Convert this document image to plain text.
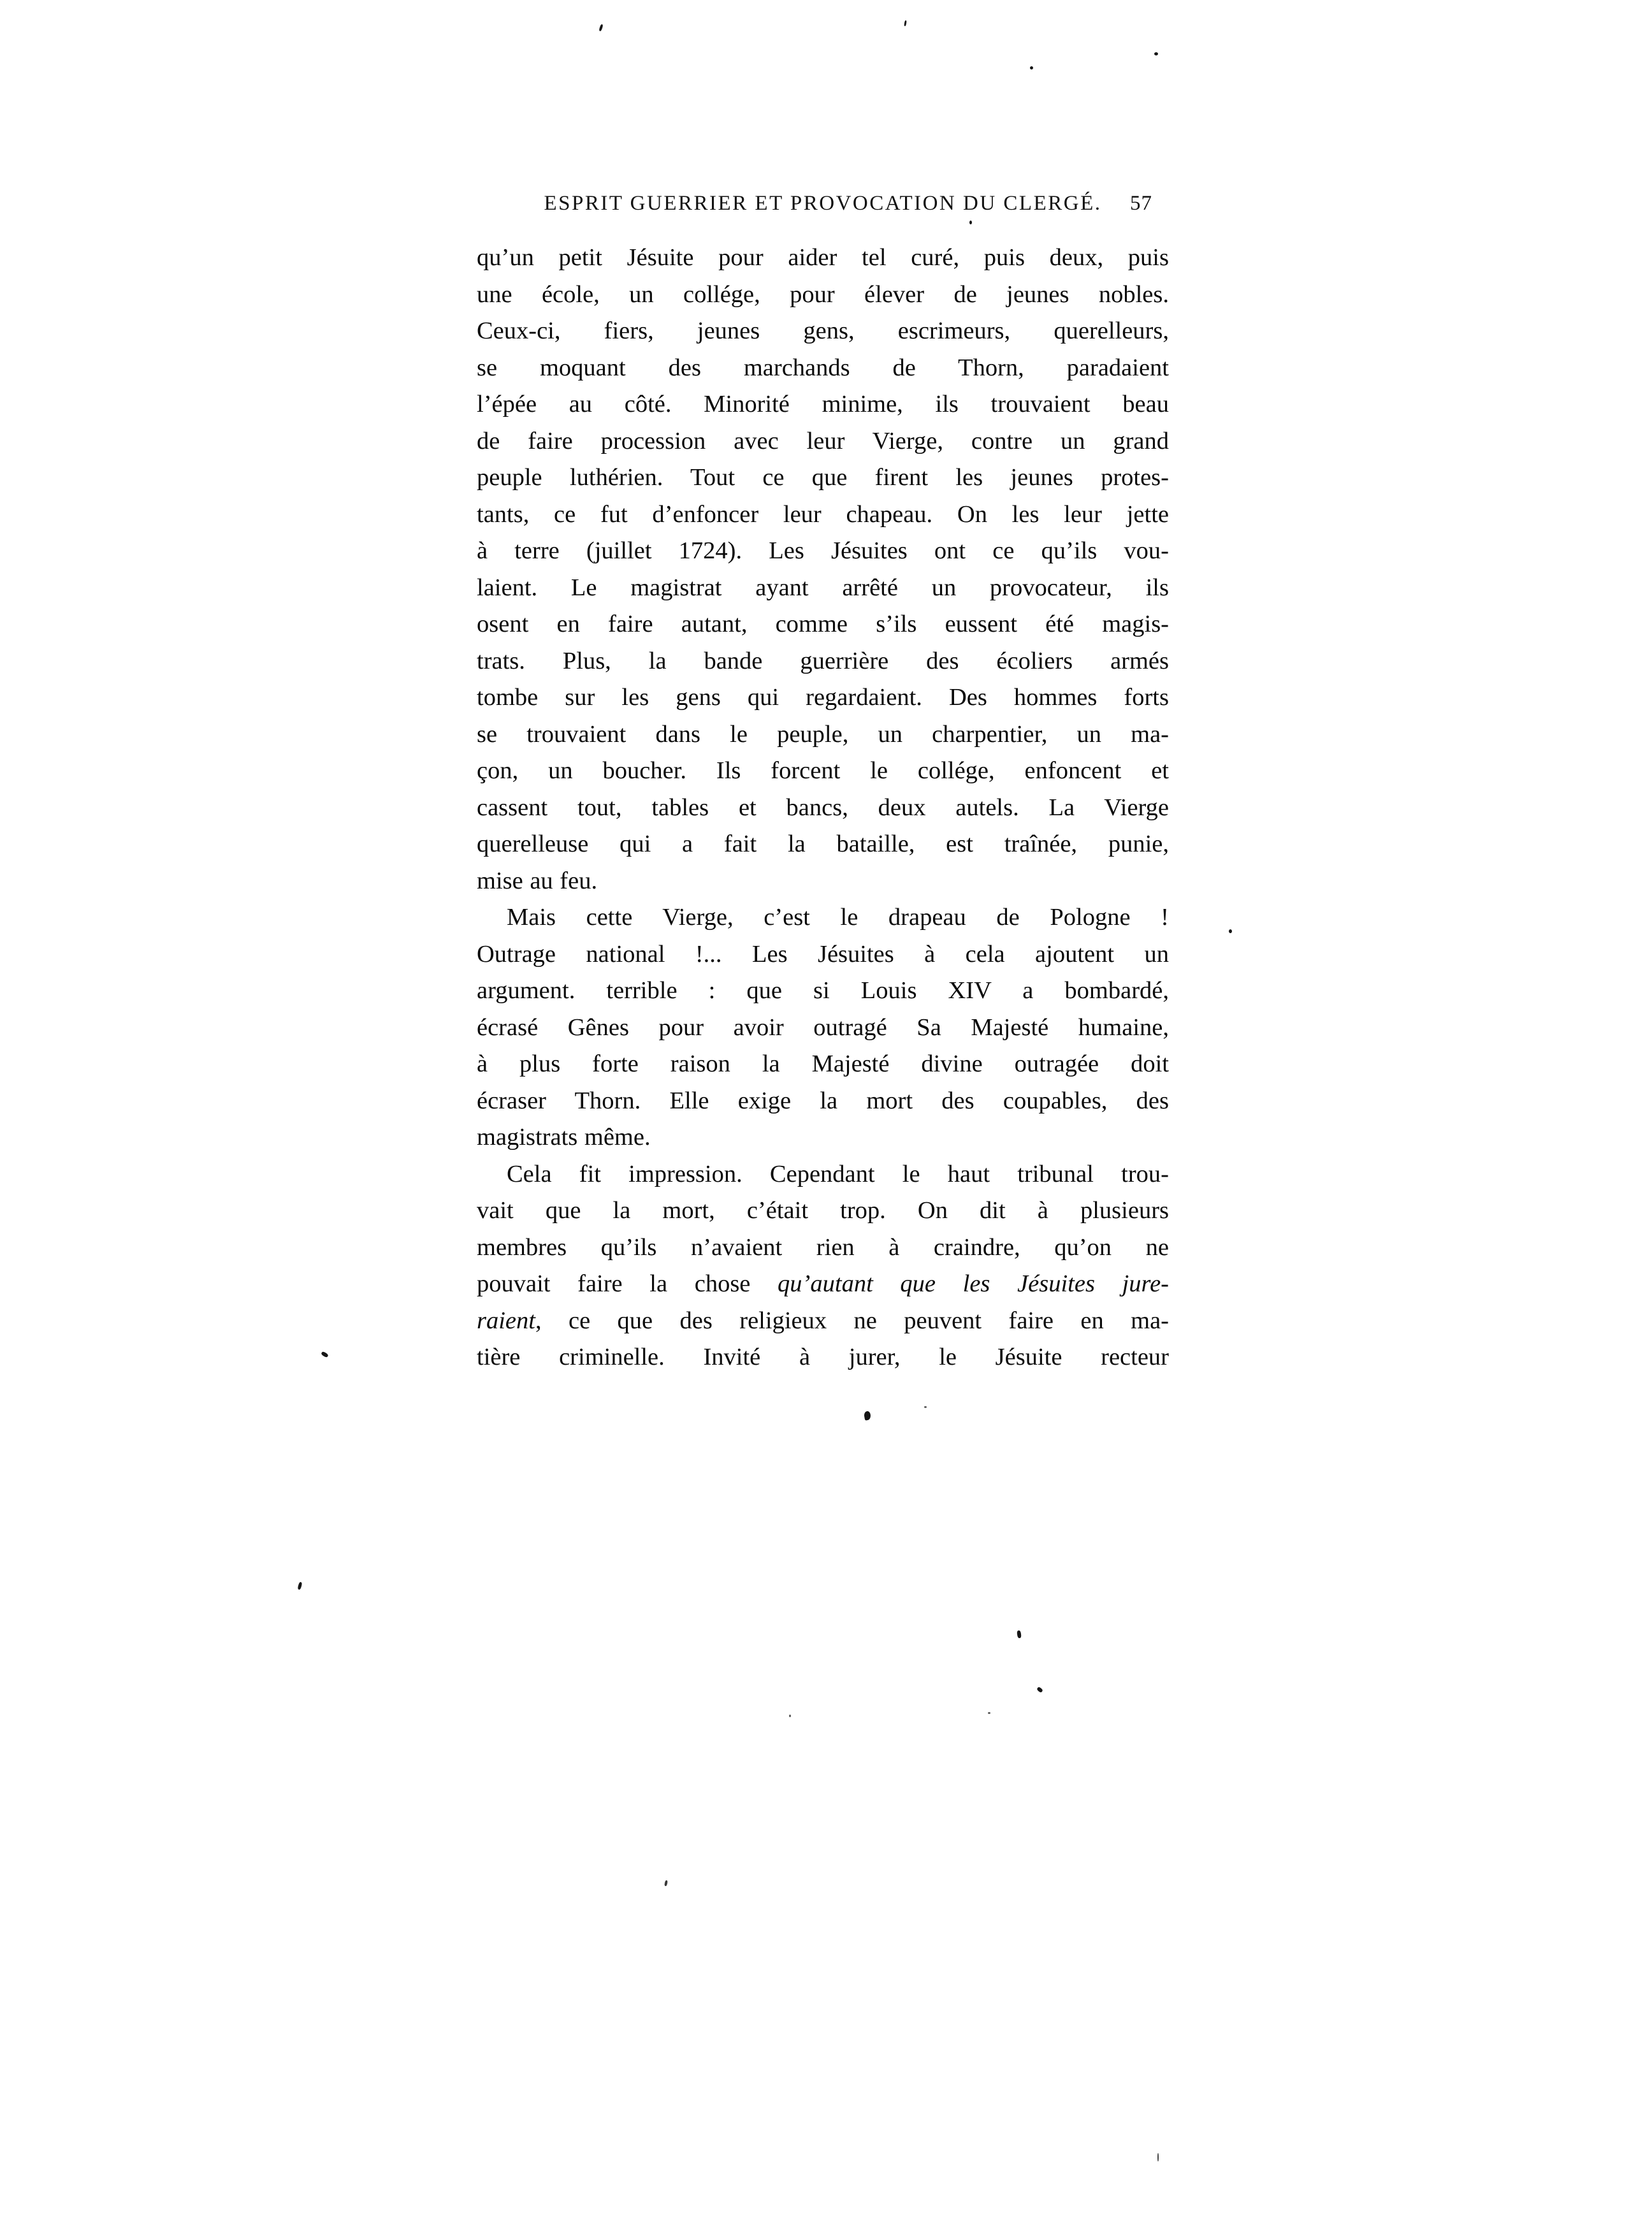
ESPRIT GUERRIER ET PROVOCATION DU CLERGÉ. 57
qu’un petit Jésuite pour aider tel curé, puis deux, puis
une école, un collége, pour élever de jeunes nobles.
Ceux-ci, fiers, jeunes gens, escrimeurs, querelleurs,
se moquant des marchands de Thorn, paradaient
l’épée au côté. Minorité minime, ils trouvaient beau
de faire procession avec leur Vierge, contre un grand
peuple luthérien. Tout ce que firent les jeunes protes-
tants, ce fut d’enfoncer leur chapeau. On les leur jette
à terre (juillet 1724). Les Jésuites ont ce qu’ils vou-
laient. Le magistrat ayant arrêté un provocateur, ils
osent en faire autant, comme s’ils eussent été magis-
trats. Plus, la bande guerrière des écoliers armés
tombe sur les gens qui regardaient. Des hommes forts
se trouvaient dans le peuple, un charpentier, un ma-
çon, un boucher. Ils forcent le collége, enfoncent et
cassent tout, tables et bancs, deux autels. La Vierge
querelleuse qui a fait la bataille, est traînée, punie,
mise au feu.
Mais cette Vierge, c’est le drapeau de Pologne !
Outrage national !... Les Jésuites à cela ajoutent un
argument. terrible : que si Louis XIV a bombardé,
écrasé Gênes pour avoir outragé Sa Majesté humaine,
à plus forte raison la Majesté divine outragée doit
écraser Thorn. Elle exige la mort des coupables, des
magistrats même.
Cela fit impression. Cependant le haut tribunal trou-
vait que la mort, c’était trop. On dit à plusieurs
membres qu’ils n’avaient rien à craindre, qu’on ne
pouvait faire la chose qu’autant que les Jésuites jure-
raient, ce que des religieux ne peuvent faire en ma-
tière criminelle. Invité à jurer, le Jésuite recteur
